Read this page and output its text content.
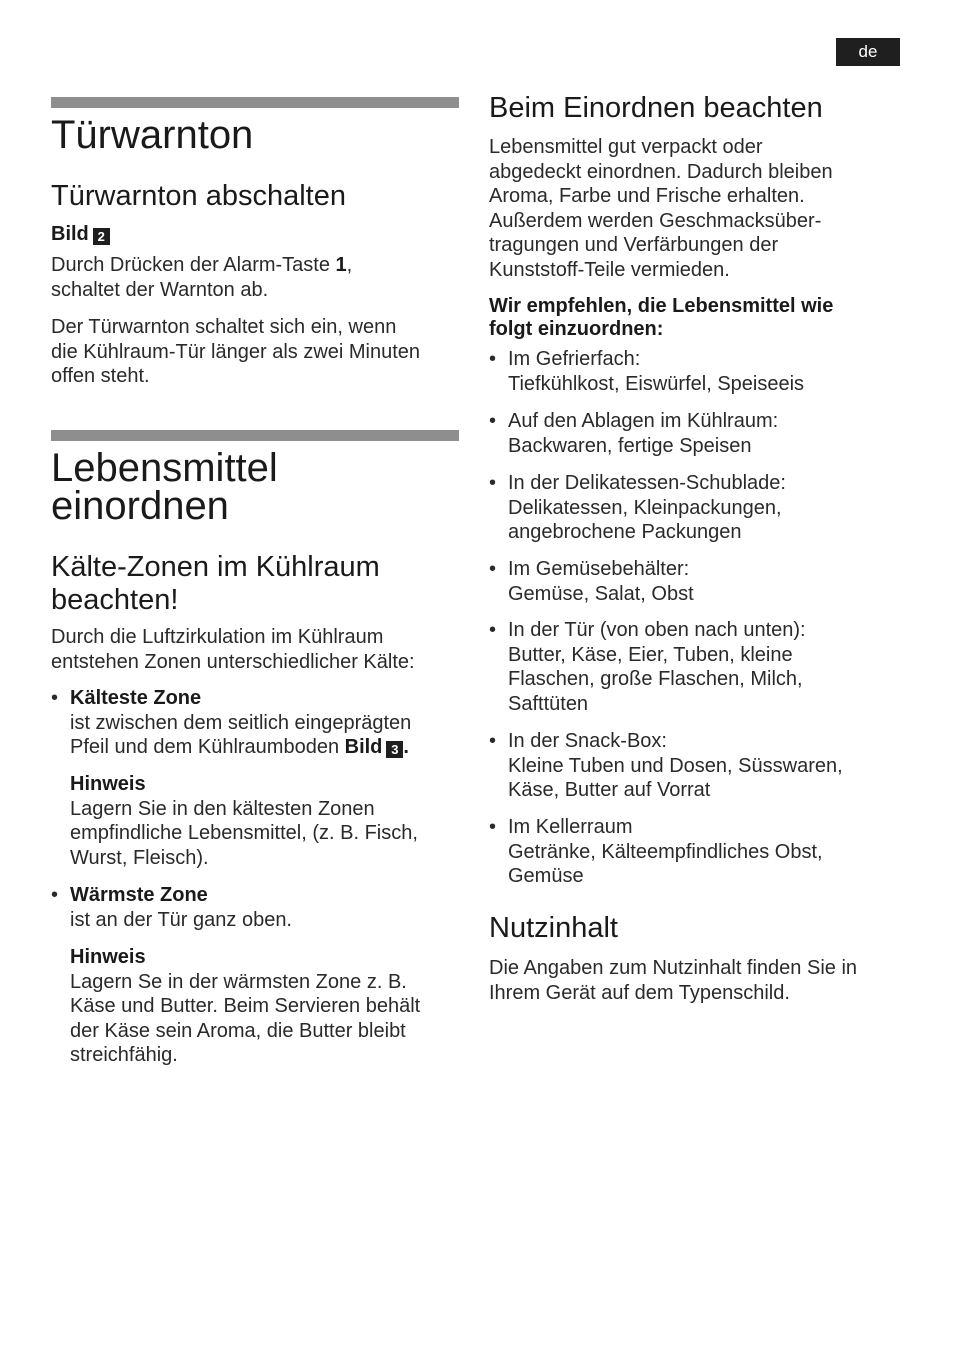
de
Türwarnton
Türwarnton abschalten

Bild 2

Durch Drücken der Alarm-Taste 1,
schaltet der Warnton ab.

Der Türwarnton schaltet sich ein, wenn
die Kühlraum-Tür länger als zwei Minuten
offen steht.

Lebensmittel
einordnen
Kälte-Zonen im Kühlraum
beachten!

Durch die Luftzirkulation im Kühlraum
entstehen Zonen unterschiedlicher Kälte:

• Kälteste Zone
ist zwischen dem seitlich eingeprägten
Pfeil und dem Kühlraumboden Bild 3 .

Hinweis
Lagern Sie in den kältesten Zonen
empfindliche Lebensmittel, (z. B. Fisch,
Wurst, Fleisch).

• Wärmste Zone
ist an der Tür ganz oben.

Hinweis
Lagern Se in der wärmsten Zone z. B.
Käse und Butter. Beim Servieren behält
der Käse sein Aroma, die Butter bleibt
streichfähig.

Beim Einordnen beachten

Lebensmittel gut verpackt oder
abgedeckt einordnen. Dadurch bleiben
Aroma, Farbe und Frische erhalten.
Außerdem werden Geschmacksüber-
tragungen und Verfärbungen der
Kunststoff-Teile vermieden.

Wir empfehlen, die Lebensmittel wie
folgt einzuordnen:

• Im Gefrierfach:
Tiefkühlkost, Eiswürfel, Speiseeis

• Auf den Ablagen im Kühlraum:
Backwaren, fertige Speisen

• In der Delikatessen-Schublade:
Delikatessen, Kleinpackungen,
angebrochene Packungen

• Im Gemüsebehälter:
Gemüse, Salat, Obst

• In der Tür (von oben nach unten):
Butter, Käse, Eier, Tuben, kleine
Flaschen, große Flaschen, Milch,
Safttüten

• In der Snack-Box:
Kleine Tuben und Dosen, Süsswaren,
Käse, Butter auf Vorrat

• Im Kellerraum
Getränke, Kälteempfindliches Obst,
Gemüse

Nutzinhalt

Die Angaben zum Nutzinhalt finden Sie in
Ihrem Gerät auf dem Typenschild.
